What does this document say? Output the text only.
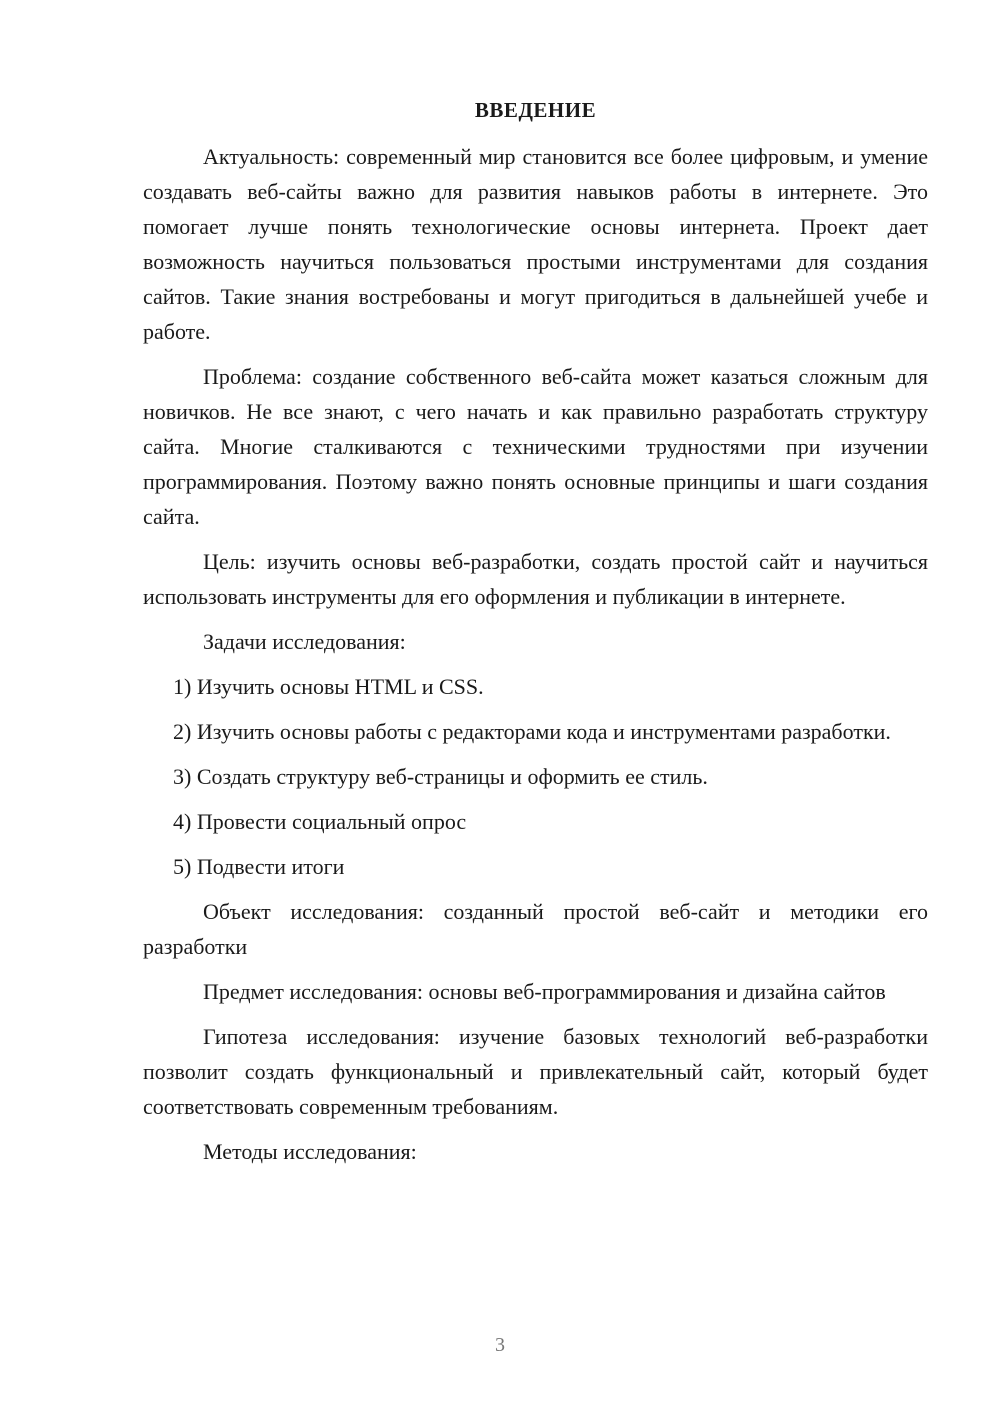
ВВЕДЕНИЕ

Актуальность: современный мир становится все более цифровым, и умение создавать веб-сайты важно для развития навыков работы в интернете. Это помогает лучше понять технологические основы интернета. Проект дает возможность научиться пользоваться простыми инструментами для создания сайтов. Такие знания востребованы и могут пригодиться в дальнейшей учебе и работе.

Проблема: создание собственного веб-сайта может казаться сложным для новичков. Не все знают, с чего начать и как правильно разработать структуру сайта. Многие сталкиваются с техническими трудностями при изучении программирования. Поэтому важно понять основные принципы и шаги создания сайта.

Цель: изучить основы веб-разработки, создать простой сайт и научиться использовать инструменты для его оформления и публикации в интернете.

Задачи исследования:

1) Изучить основы HTML и CSS.

2) Изучить основы работы с редакторами кода и инструментами разработки.

3) Создать структуру веб-страницы и оформить ее стиль.

4) Провести социальный опрос

5) Подвести итоги

Объект исследования: созданный простой веб-сайт и методики его разработки

Предмет исследования: основы веб-программирования и дизайна сайтов

Гипотеза исследования: изучение базовых технологий веб-разработки позволит создать функциональный и привлекательный сайт, который будет соответствовать современным требованиям.

Методы исследования:

3
